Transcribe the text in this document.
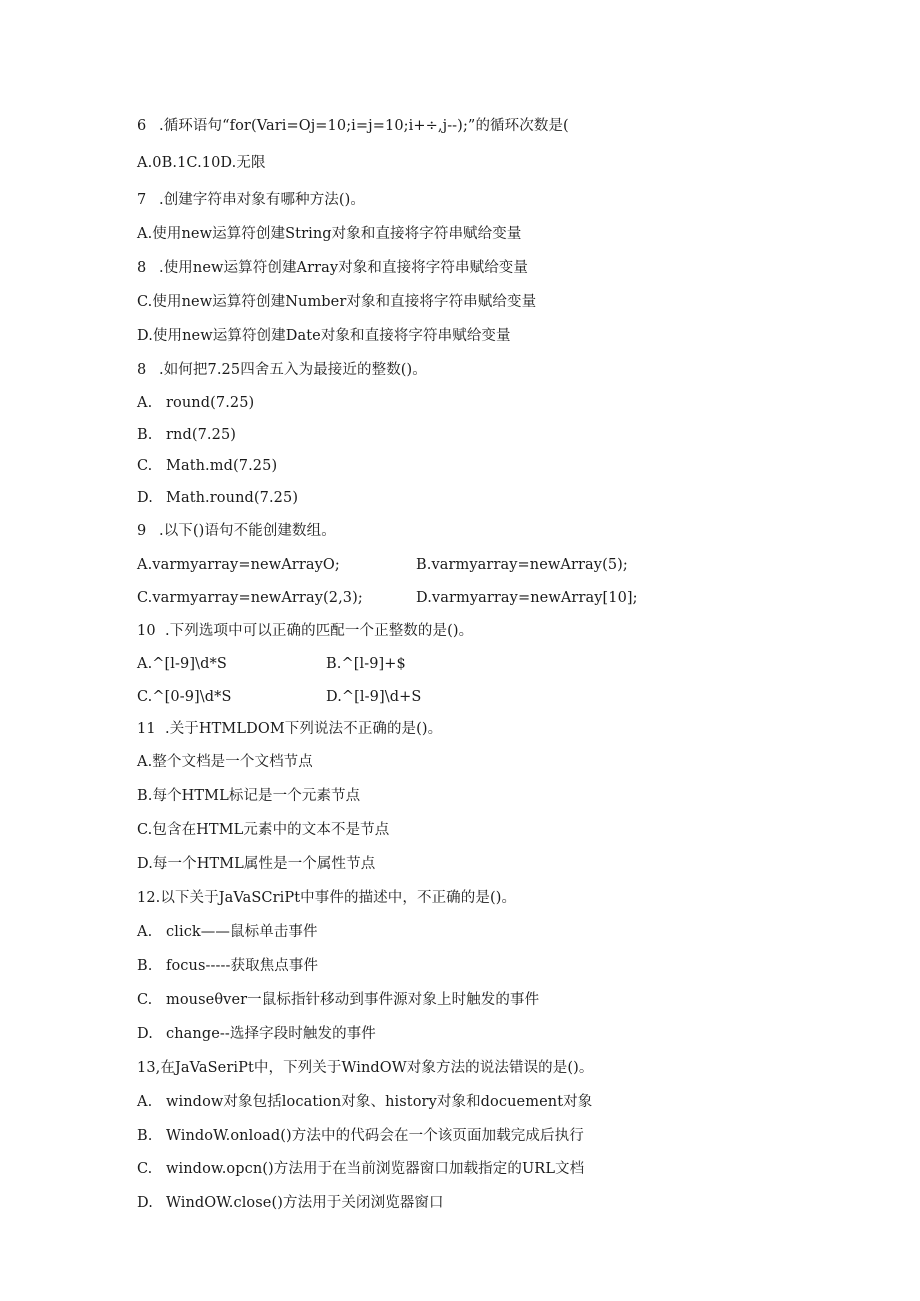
6 .循环语句“for(Vari=Oj=10;i=j=10;i+÷,j--);”的循环次数是(
A.0B.1C.10D.无限
7 .创建字符串对象有哪种方法()。
A.使用new运算符创建String对象和直接将字符串赋给变量
8 .使用new运算符创建Array对象和直接将字符串赋给变量
C.使用new运算符创建Number对象和直接将字符串赋给变量
D.使用new运算符创建Date对象和直接将字符串赋给变量
8 .如何把7.25四舍五入为最接近的整数()。
A. round(7.25)
B. rnd(7.25)
C. Math.md(7.25)
D. Math.round(7.25)
9 .以下()语句不能创建数组。
A.varmyarray=newArrayO;	B.varmyarray=newArray(5);
C.varmyarray=newArray(2,3);	D.varmyarray=newArray[10];
10 .下列选项中可以正确的匹配一个正整数的是()。
A.^[l-9]\d*S	B.^[l-9]+$
C.^[0-9]\d*S	D.^[l-9]\d+S
11 .关于HTMLDOM下列说法不正确的是()。
A.整个文档是一个文档节点
B.每个HTML标记是一个元素节点
C.包含在HTML元素中的文本不是节点
D.每一个HTML属性是一个属性节点
12.以下关于JaVaSCriPt中事件的描述中，不正确的是()。
A. click——鼠标单击事件
B. focus-----获取焦点事件
C. mouseθver一鼠标指针移动到事件源对象上时触发的事件
D. change--选择字段时触发的事件
13,在JaVaSeriPt中，下列关于WindOW对象方法的说法错误的是()。
A. window对象包括location对象、history对象和docuement对象
B. WindoW.onload()方法中的代码会在一个该页面加载完成后执行
C. window.opcn()方法用于在当前浏览器窗口加载指定的URL文档
D. WindOW.close()方法用于关闭浏览器窗口
